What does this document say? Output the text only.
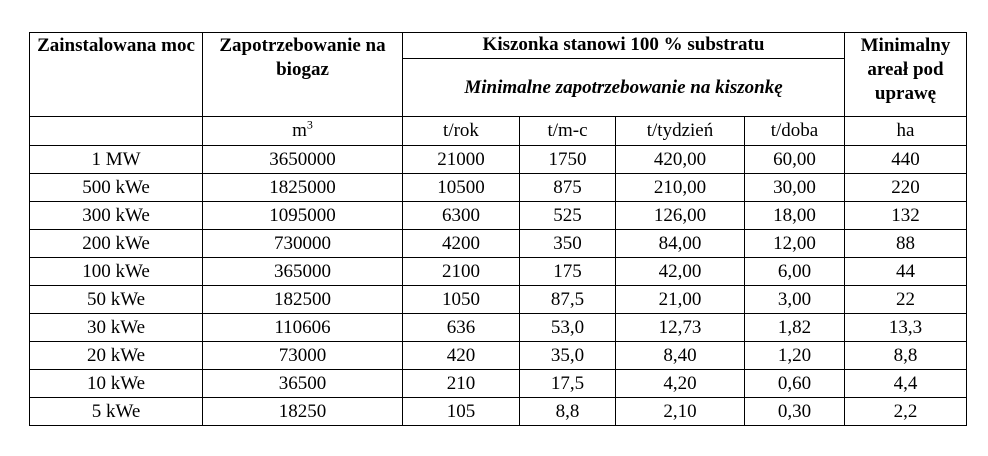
Zainstalowana moc	Zapotrzebowanie na biogaz	Kiszonka stanowi 100 % substratu				Minimalny areał pod uprawę
		Minimalne zapotrzebowanie na kiszonkę				
	$m^3$	t/rok	t/m-c	t/tydzień	t/doba	ha
1 MW	3650000	21000	1750	420,00	60,00	440
500 kWe	1825000	10500	875	210,00	30,00	220
300 kWe	1095000	6300	525	126,00	18,00	132
200 kWe	730000	4200	350	84,00	12,00	88
100 kWe	365000	2100	175	42,00	6,00	44
50 kWe	182500	1050	87,5	21,00	3,00	22
30 kWe	110606	636	53,0	12,73	1,82	13,3
20 kWe	73000	420	35,0	8,40	1,20	8,8
10 kWe	36500	210	17,5	4,20	0,60	4,4
5 kWe	18250	105	8,8	2,10	0,30	2,2
